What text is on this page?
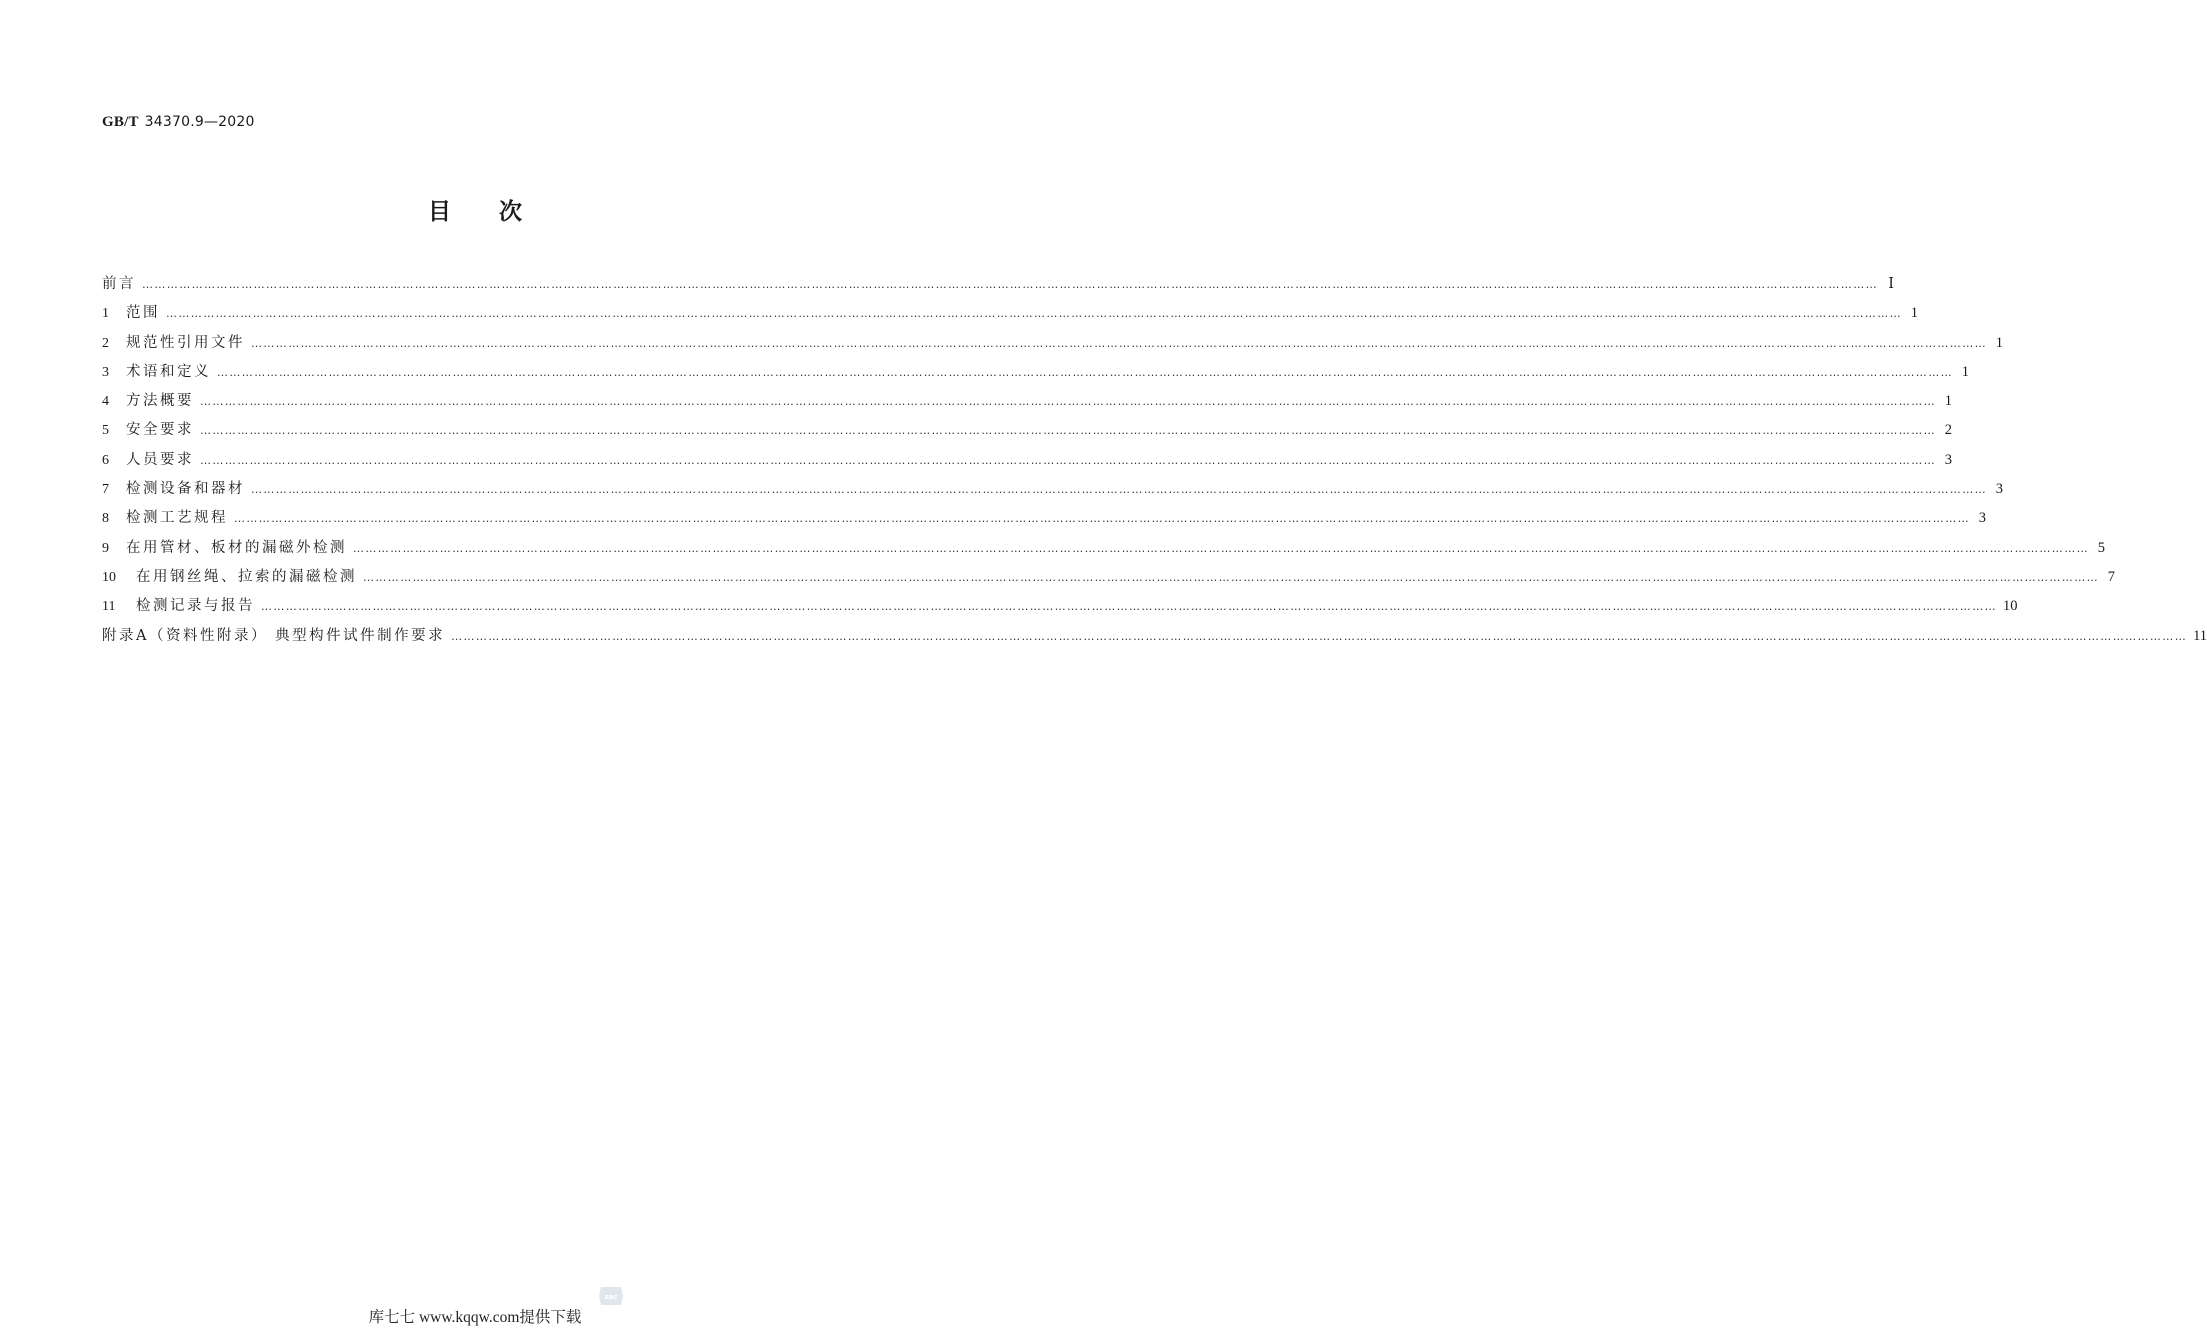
GB/T 34370.9—2020
目次
前言 …………………………………………………………………………………………………………………………………………………………………………………………………………………………………………………………………………………………………………………………………………………………………………………… Ⅰ
1	范围 …………………………………………………………………………………………………………………………………………………………………………………………………………………………………………………………………………………………………………………………………………………………………………………… 1
2	规范性引用文件 …………………………………………………………………………………………………………………………………………………………………………………………………………………………………………………………………………………………………………………………………………………………………………………… 1
3	术语和定义 …………………………………………………………………………………………………………………………………………………………………………………………………………………………………………………………………………………………………………………………………………………………………………………… 1
4	方法概要 …………………………………………………………………………………………………………………………………………………………………………………………………………………………………………………………………………………………………………………………………………………………………………………… 1
5	安全要求 …………………………………………………………………………………………………………………………………………………………………………………………………………………………………………………………………………………………………………………………………………………………………………………… 2
6	人员要求 …………………………………………………………………………………………………………………………………………………………………………………………………………………………………………………………………………………………………………………………………………………………………………………… 3
7	检测设备和器材 …………………………………………………………………………………………………………………………………………………………………………………………………………………………………………………………………………………………………………………………………………………………………………………… 3
8	检测工艺规程 …………………………………………………………………………………………………………………………………………………………………………………………………………………………………………………………………………………………………………………………………………………………………………………… 3
9	在用管材、板材的漏磁外检测 …………………………………………………………………………………………………………………………………………………………………………………………………………………………………………………………………………………………………………………………………………………………………………………… 5
10	在用钢丝绳、拉索的漏磁检测 …………………………………………………………………………………………………………………………………………………………………………………………………………………………………………………………………………………………………………………………………………………………………………………… 7
11	检测记录与报告 …………………………………………………………………………………………………………………………………………………………………………………………………………………………………………………………………………………………………………………………………………………………………………………… 10
附录A（资料性附录） 典型构件试件制作要求 …………………………………………………………………………………………………………………………………………………………………………………………………………………………………………………………………………………………………………………………………………………………………………………… 11
sac
库七七 www.kqqw.com提供下载
